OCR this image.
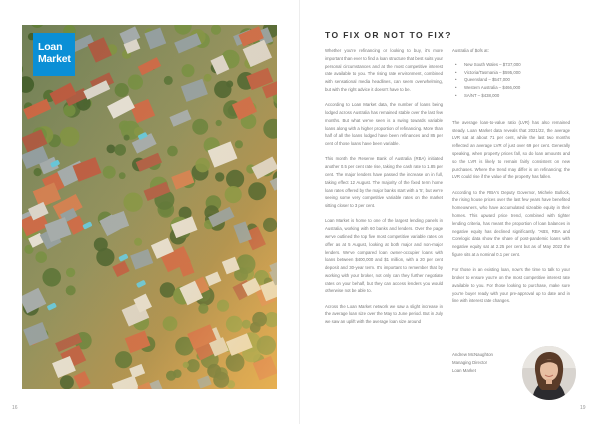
Loan
Market
16
TO FIX OR NOT TO FIX?

Whether you're refinancing or looking to buy, it's more important than ever to find a loan structure that best suits your personal circumstances and at the most competitive interest rate available to you. The rising rate environment, combined with sensational media headlines, can seem overwhelming, but with the right advice it doesn't have to be.

According to Loan Market data, the number of loans being lodged across Australia has remained stable over the last few months. But what we've seen is a swing towards variable loans along with a higher proportion of refinancing. More than half of all the loans lodged have been refinances and 85 per cent of those loans have been variable.

This month the Reserve Bank of Australia (RBA) initiated another 0.5 per cent rate rise, taking the cash rate to 1.85 per cent. The major lenders have passed the increase on in full, taking effect 12 August. The majority of the fixed term home loan rates offered by the major banks start with a '5', but we're seeing some very competitive variable rates on the market sitting closer to 3 per cent.

Loan Market is home to one of the largest lending panels in Australia, working with 60 banks and lenders. Over the page we've outlined the top five most competitive variable rates on offer as at 5 August, looking at both major and non-major lenders. We've compared loan owner-occupier loans with loans between $400,000 and $1 million, with a 20 per cent deposit and 30-year term. It's important to remember that by working with your broker, not only can they further negotiate rates on your behalf, but they can access lenders you would otherwise not be able to.

Across the Loan Market network we saw a slight increase in the average loan size over the May to June period. But in July we saw an uplift with the average loan size around

Australia of $ofs at:

• New South Wales – $737,000
• Victoria/Tasmania – $595,000
• Queensland – $547,000
• Western Australia – $466,000
• SA/NT – $438,000

The average loan-to-value ratio (LVR) has also remained steady. Loan Market data reveals that 2021/22, the average LVR sat at about 71 per cent, while the last two months reflected an average LVR of just over 69 per cent. Generally speaking, when property prices fall, so do loan amounts and so the LVR is likely to remain fairly consistent on new purchases. Where the trend may differ is on refinancing; the LVR could rise if the value of the property has fallen.

According to the RBA's Deputy Governor, Michele Bullock, the rising house prices over the last few years have benefited homeowners, who have accumulated sizeable equity in their homes. This upward price trend, combined with tighter lending criteria, has meant the proportion of loan balances in negative equity has declined significantly. "ABS, RBA and Corelogic data show the share of post-pandemic loans with negative equity sat at 2.25 per cent but as of May 2022 the figure sits at a nominal 0.1 per cent.

For those in an existing loan, now's the time to talk to your broker to ensure you're on the most competitive interest rate available to you. For those looking to purchase, make sure you're buyer ready with your pre-approval up to date and in line with interest rate changes.

Andrew McNaughton
Managing Director
Loan Market
19
